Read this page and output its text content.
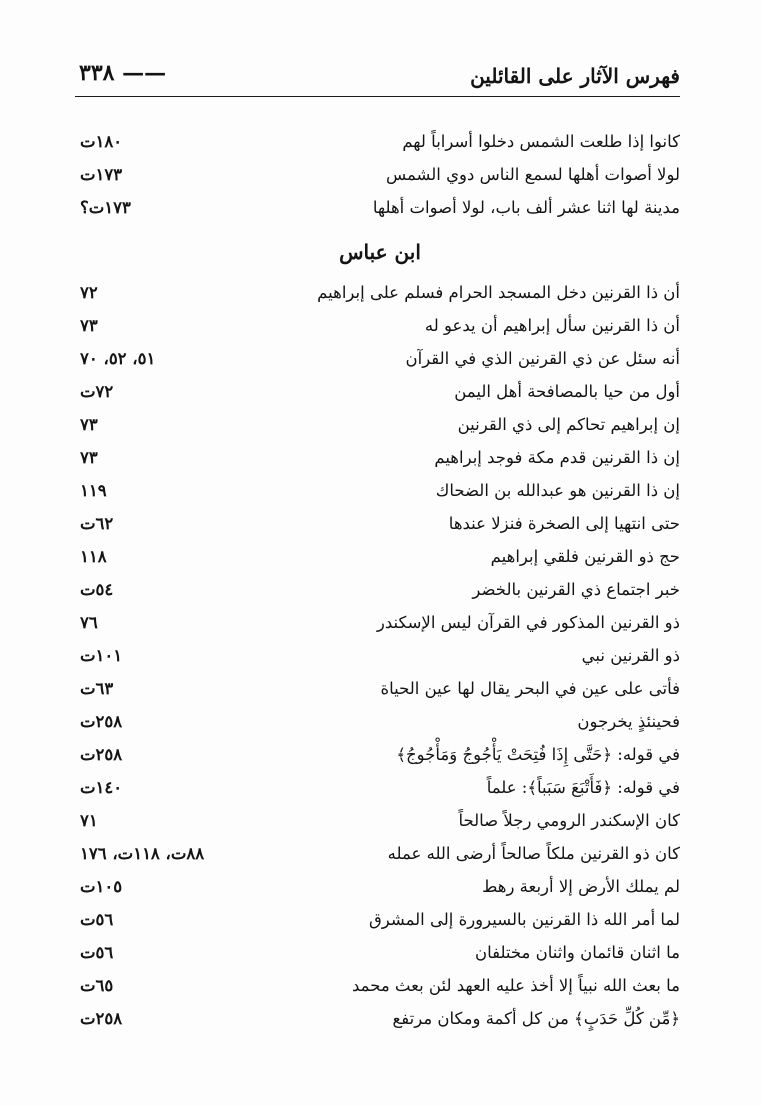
فهرس الآثار على القائلين
—— ٣٣٨
كانوا إذا طلعت الشمس دخلوا أسراباً لهم
١٨٠ت
لولا أصوات أهلها لسمع الناس دوي الشمس
١٧٣ت
مدينة لها اثنا عشر ألف باب، لولا أصوات أهلها
١٧٣ت؟
ابن عباس
أن ذا القرنين دخل المسجد الحرام فسلم على إبراهيم
٧٢
أن ذا القرنين سأل إبراهيم أن يدعو له
٧٣
أنه سئل عن ذي القرنين الذي في القرآن
٥١، ٥٢، ٧٠
أول من حيا بالمصافحة أهل اليمن
٧٢ت
إن إبراهيم تحاكم إلى ذي القرنين
٧٣
إن ذا القرنين قدم مكة فوجد إبراهيم
٧٣
إن ذا القرنين هو عبدالله بن الضحاك
١١٩
حتى انتهيا إلى الصخرة فنزلا عندها
٦٢ت
حج ذو القرنين فلقي إبراهيم
١١٨
خبر اجتماع ذي القرنين بالخضر
٥٤ت
ذو القرنين المذكور في القرآن ليس الإسكندر
٧٦
ذو القرنين نبي
١٠١ت
فأتى على عين في البحر يقال لها عين الحياة
٦٣ت
فحينئذٍ يخرجون
٢٥٨ت
في قوله: ﴿حَتَّى إِذَا فُتِحَتْ يَأْجُوجُ وَمَأْجُوجُ﴾
٢٥٨ت
في قوله: ﴿فَأَتْبَعَ سَبَباً﴾: علماً
١٤٠ت
كان الإسكندر الرومي رجلاً صالحاً
٧١
كان ذو القرنين ملكاً صالحاً أرضى الله عمله
٨٨ت، ١١٨ت، ١٧٦
لم يملك الأرض إلا أربعة رهط
١٠٥ت
لما أمر الله ذا القرنين بالسيرورة إلى المشرق
٥٦ت
ما اثنان قائمان واثنان مختلفان
٥٦ت
ما بعث الله نبياً إلا أخذ عليه العهد لئن بعث محمد
٦٥ت
﴿مِّن كُلِّ حَدَبٍ﴾ من كل أكمة ومكان مرتفع
٢٥٨ت
